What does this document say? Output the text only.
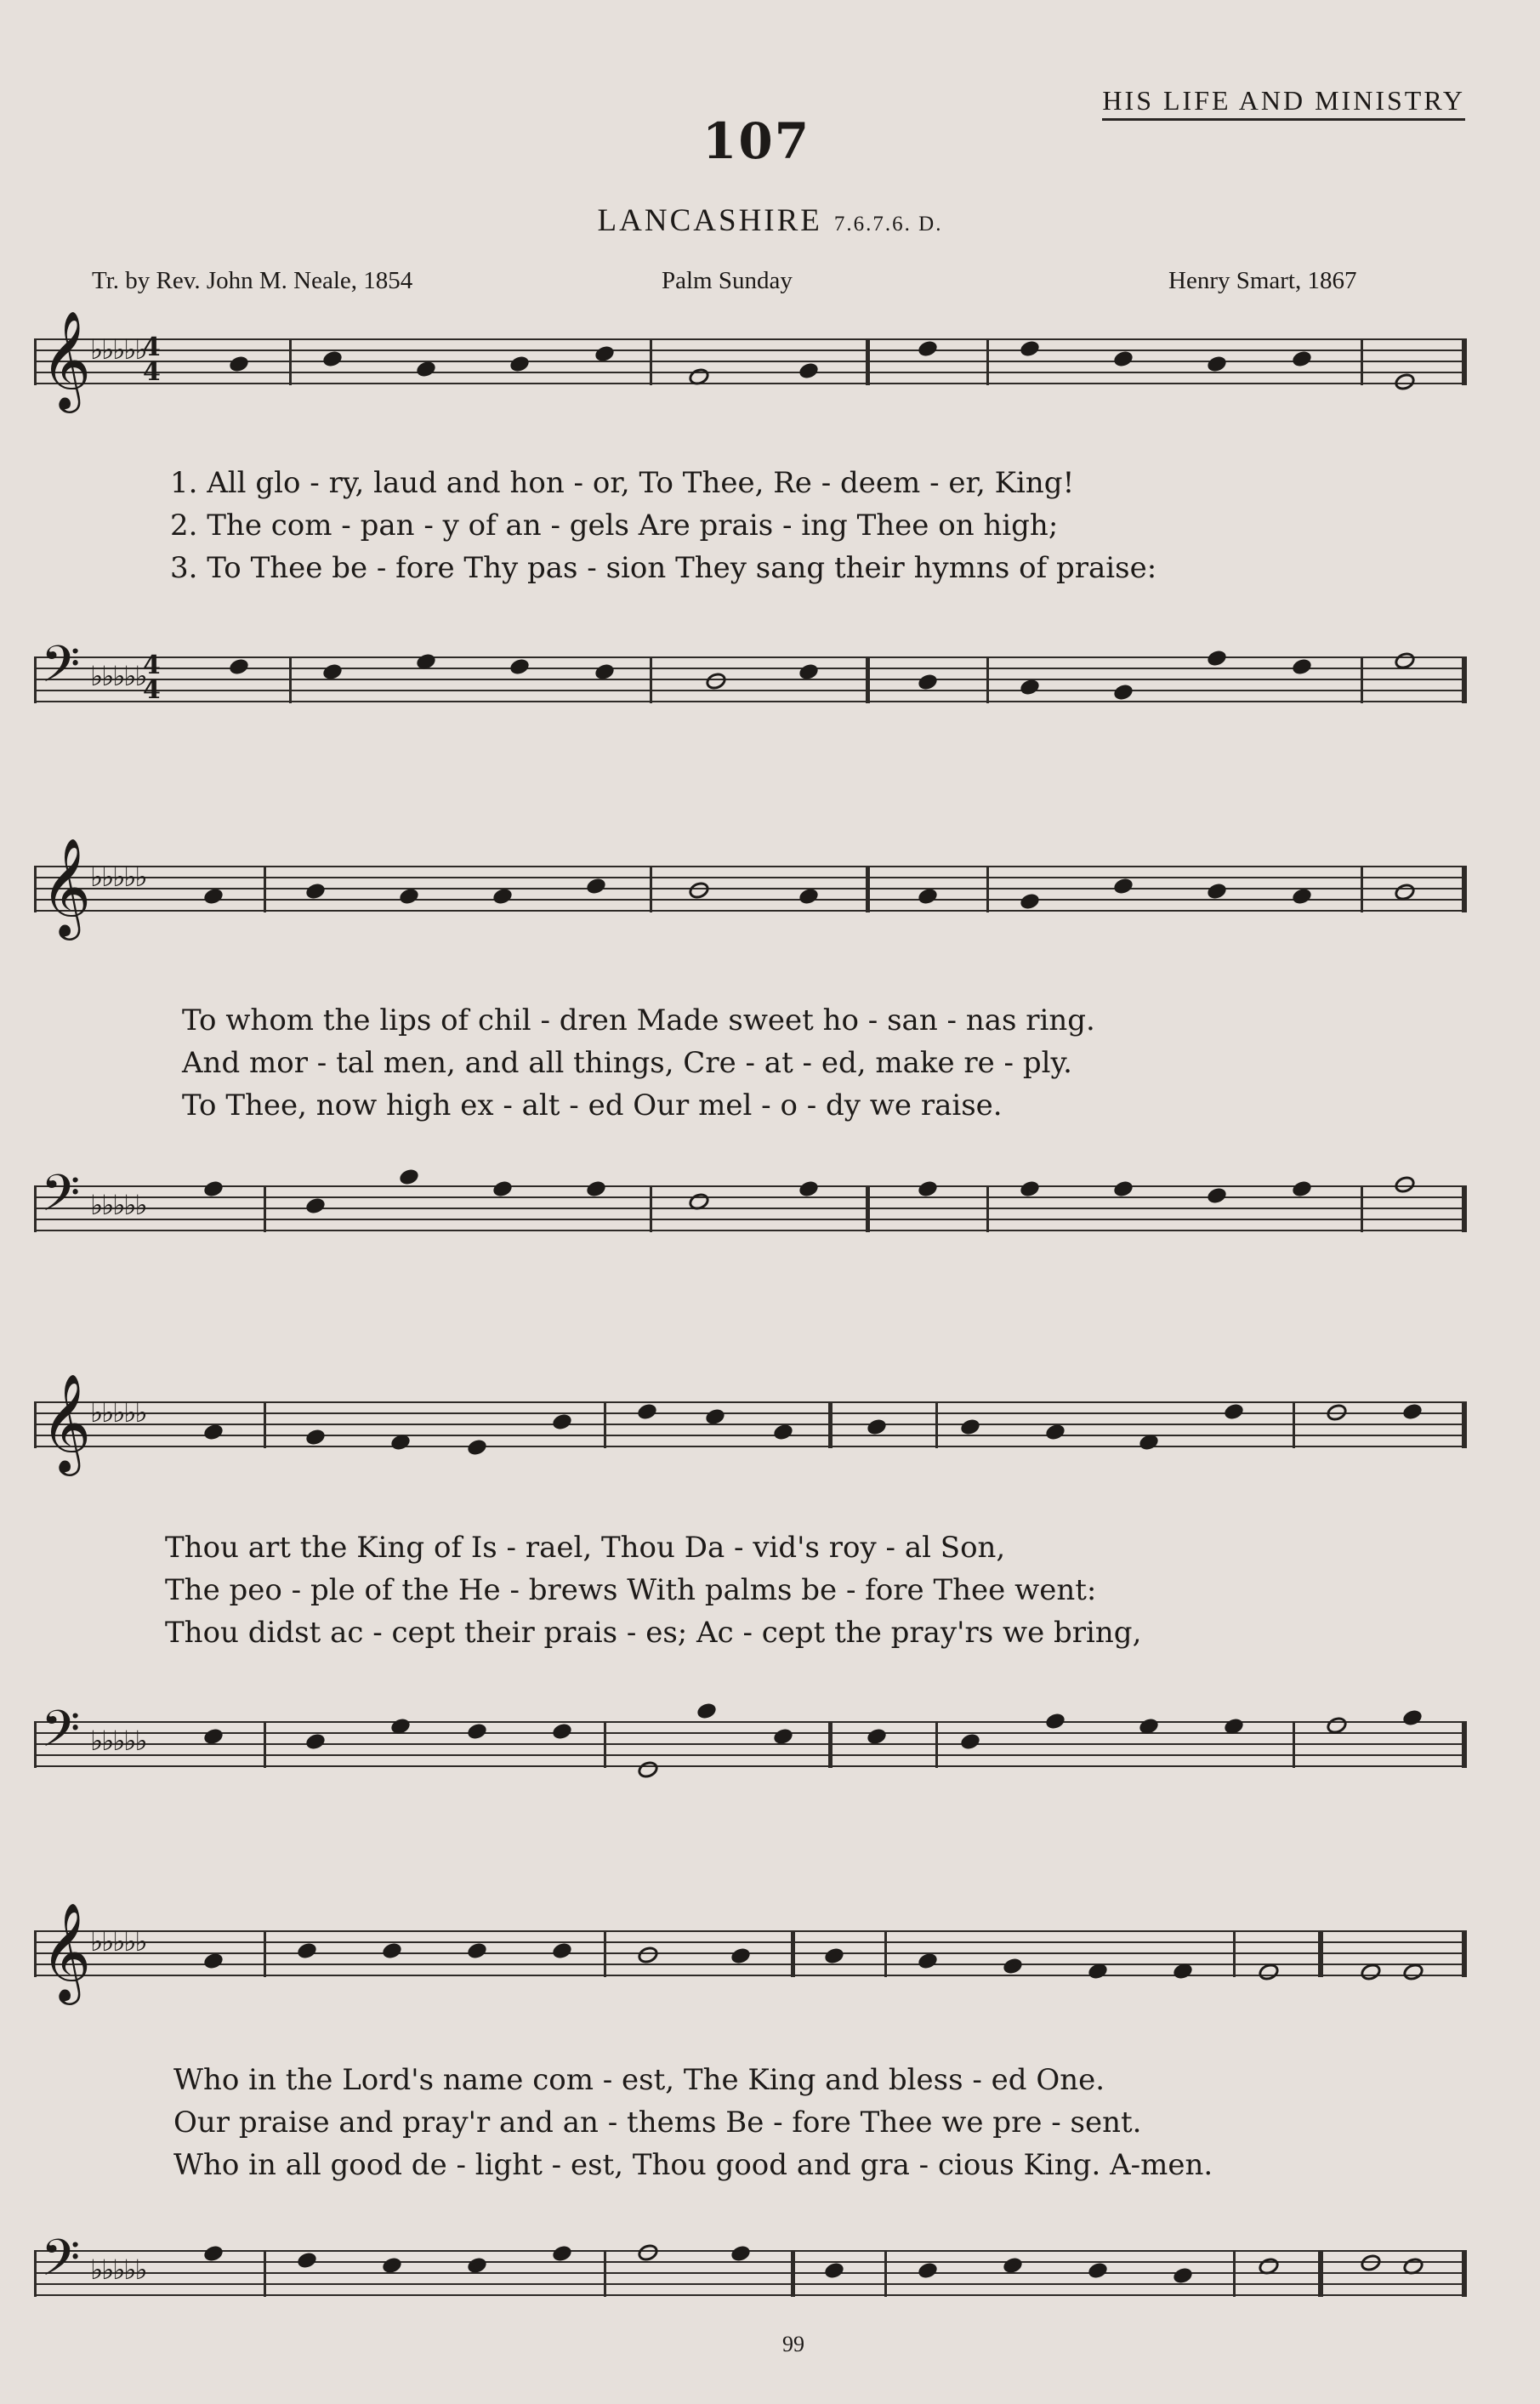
HIS LIFE AND MINISTRY
107
LANCASHIRE 7.6.7.6. D.
Tr. by Rev. John M. Neale, 1854	Palm Sunday	Henry Smart, 1867
𝄞
♭♭♭♭♭
4
4
1. All glo - ry, laud and hon - or, To Thee, Re - deem - er, King!
2. The com - pan - y of an - gels Are prais - ing Thee on high;
3. To Thee be - fore Thy pas - sion They sang their hymns of praise:
𝄢 ♭♭♭♭♭
4
4
𝄞
♭♭♭♭♭
To whom the lips of chil - dren Made sweet ho - san - nas ring.
And mor - tal men, and all things, Cre - at - ed, make re - ply.
To Thee, now high ex - alt - ed Our mel - o - dy we raise.
𝄢 ♭♭♭♭♭
𝄞
♭♭♭♭♭
Thou art the King of Is - rael, Thou Da - vid's roy - al Son,
The peo - ple of the He - brews With palms be - fore Thee went:
Thou didst ac - cept their prais - es; Ac - cept the pray'rs we bring,
𝄢 ♭♭♭♭♭
𝄞
♭♭♭♭♭
Who in the Lord's name com - est, The King and bless - ed One.
Our praise and pray'r and an - thems Be - fore Thee we pre - sent.
Who in all good de - light - est, Thou good and gra - cious King. A-men.
𝄢 ♭♭♭♭♭
99
